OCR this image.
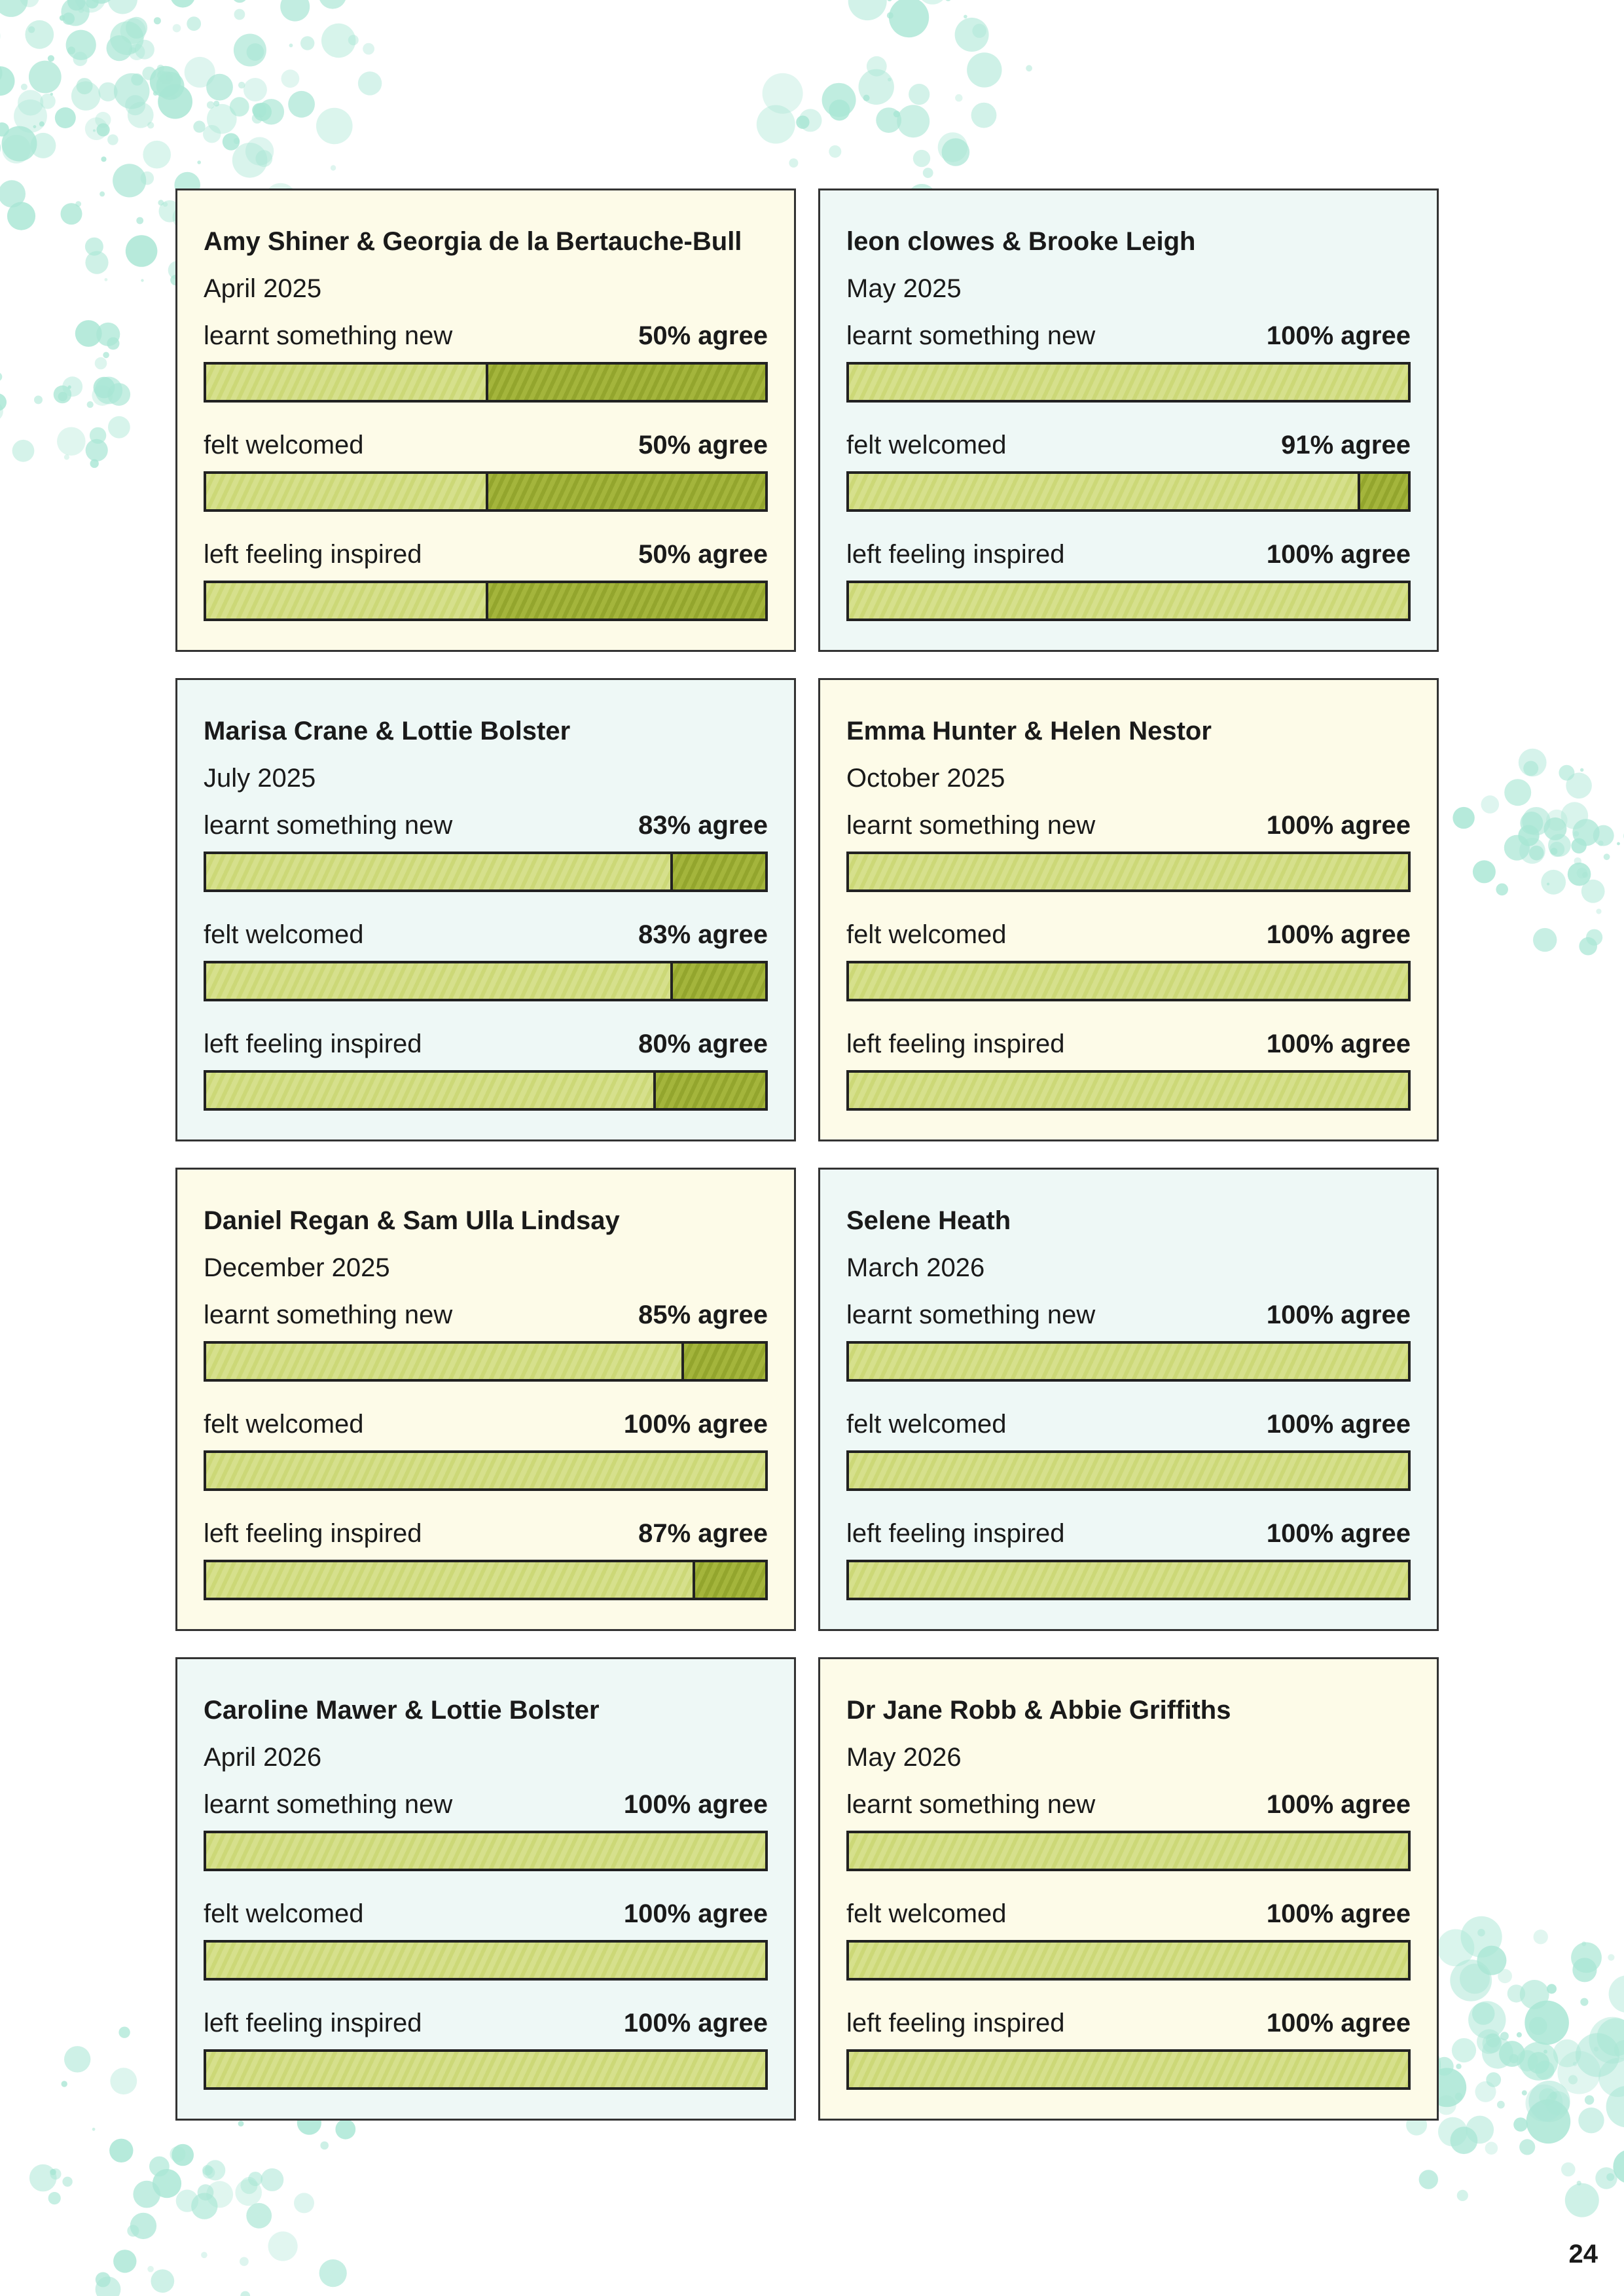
Amy Shiner & Georgia de la Bertauche-Bull
April 2025
learnt something new	50% agree
felt welcomed	50% agree
left feeling inspired	50% agree
leon clowes & Brooke Leigh
May 2025
learnt something new	100% agree
felt welcomed	91% agree
left feeling inspired	100% agree
Marisa Crane & Lottie Bolster
July 2025
learnt something new	83% agree
felt welcomed	83% agree
left feeling inspired	80% agree
Emma Hunter & Helen Nestor
October 2025
learnt something new	100% agree
felt welcomed	100% agree
left feeling inspired	100% agree
Daniel Regan & Sam Ulla Lindsay
December 2025
learnt something new	85% agree
felt welcomed	100% agree
left feeling inspired	87% agree
Selene Heath
March 2026
learnt something new	100% agree
felt welcomed	100% agree
left feeling inspired	100% agree
Caroline Mawer & Lottie Bolster
April 2026
learnt something new	100% agree
felt welcomed	100% agree
left feeling inspired	100% agree
Dr Jane Robb & Abbie Griffiths
May 2026
learnt something new	100% agree
felt welcomed	100% agree
left feeling inspired	100% agree
24
